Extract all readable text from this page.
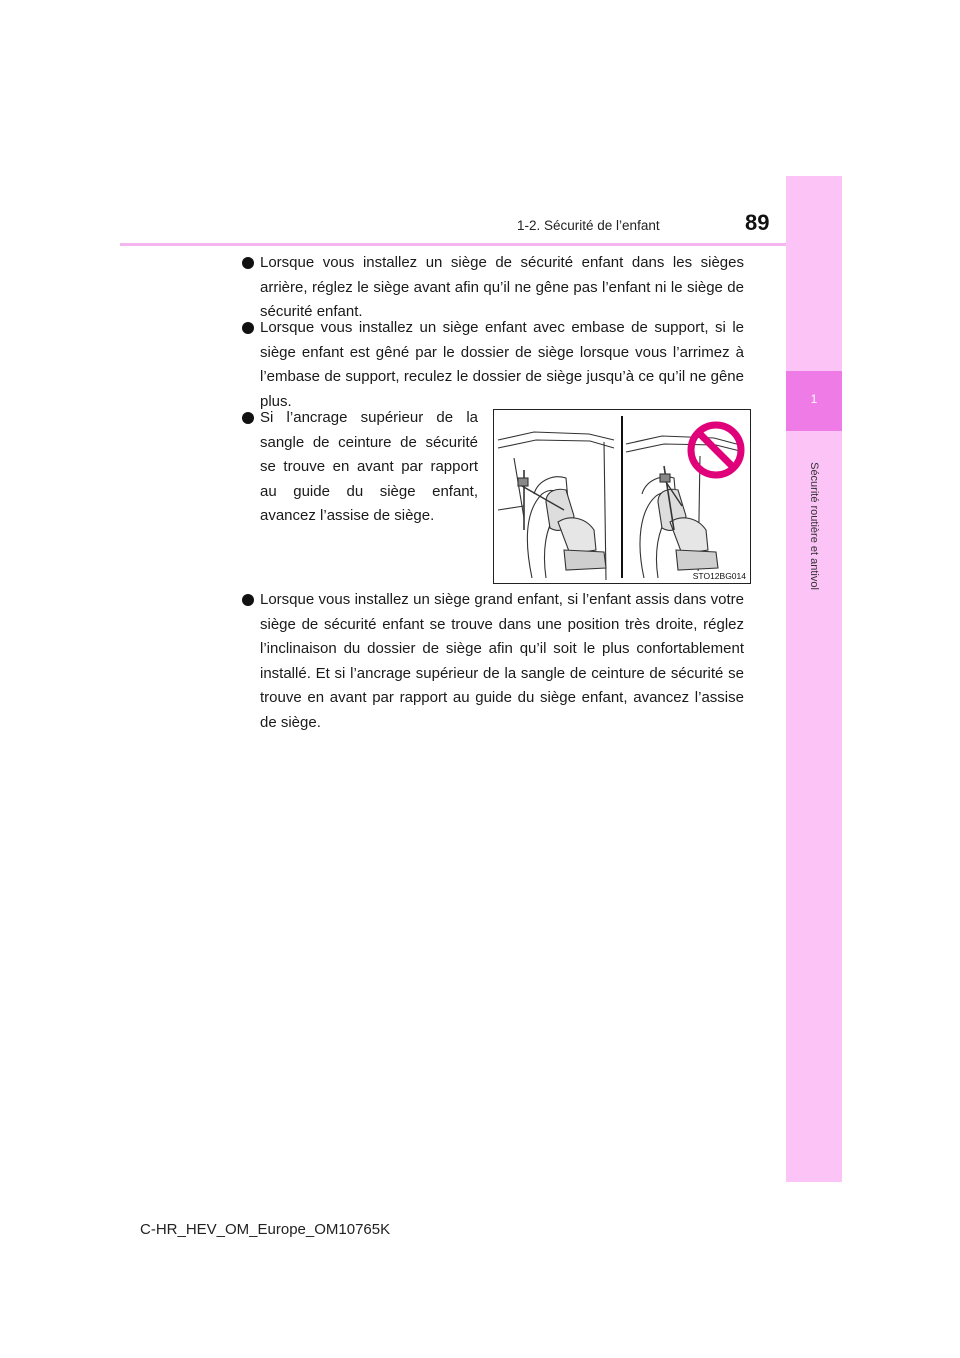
1-2. Sécurité de l’enfant	89
1
Sécurité routière et antivol
Lorsque vous installez un siège de sécurité enfant dans les sièges arrière, réglez le siège avant afin qu’il ne gêne pas l’enfant ni le siège de sécurité enfant.
Lorsque vous installez un siège enfant avec embase de support, si le siège enfant est gêné par le dossier de siège lorsque vous l’arrimez à l’embase de support, reculez le dossier de siège jusqu’à ce qu’il ne gêne plus.
Si l’ancrage supérieur de la sangle de ceinture de sécurité se trouve en avant par rapport au guide du siège enfant, avancez l’assise de siège.
STO12BG014
Lorsque vous installez un siège grand enfant, si l’enfant assis dans votre siège de sécurité enfant se trouve dans une position très droite, réglez l’inclinaison du dossier de siège afin qu’il soit le plus confortablement installé. Et si l’ancrage supérieur de la sangle de ceinture de sécurité se trouve en avant par rapport au guide du siège enfant, avancez l’assise de siège.
C-HR_HEV_OM_Europe_OM10765K
